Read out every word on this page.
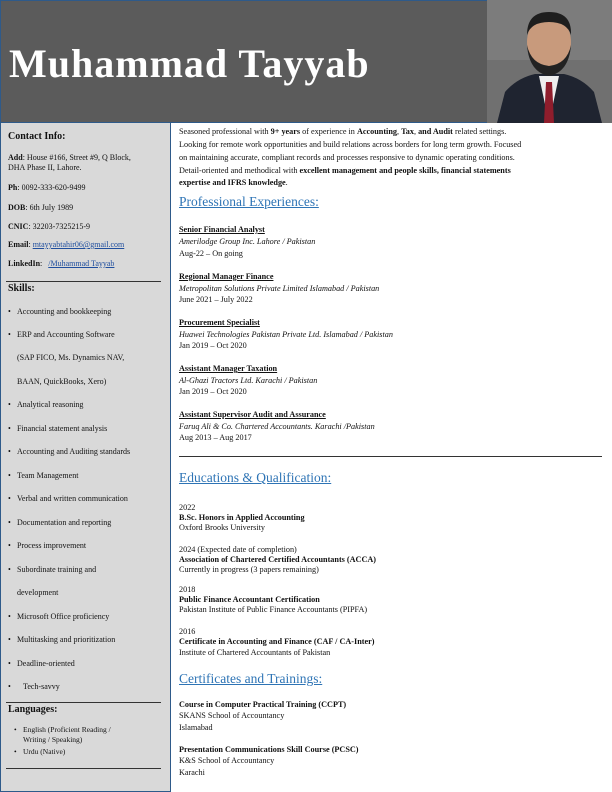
Muhammad Tayyab
Contact Info:
Add: House #166, Street #9, Q Block,
DHA Phase II, Lahore.
Ph: 0092-333-620-9499
DOB: 6th July 1989
CNIC: 32203-7325215-9
Email: mtayyabtahir06@gmail.com
LinkedIn:   /Muhammad Tayyab
Skills:
• Accounting and bookkeeping
• ERP and Accounting Software
(SAP FICO, Ms. Dynamics NAV,
BAAN, QuickBooks, Xero)
• Analytical reasoning
• Financial statement analysis
• Accounting and Auditing standards
• Team Management
• Verbal and written communication
• Documentation and reporting
• Process improvement
• Subordinate training and
development
• Microsoft Office proficiency
• Multitasking and prioritization
• Deadline-oriented
• Tech-savvy
Languages:
• English (Proficient Reading /
Writing / Speaking)
• Urdu (Native)
Seasoned professional with 9+ years of experience in Accounting, Tax, and Audit related settings.
Looking for remote work opportunities and build relations across borders for long term growth. Focused
on maintaining accurate, compliant records and processes responsive to dynamic operating conditions.
Detail-oriented and methodical with excellent management and people skills, financial statements
expertise and IFRS knowledge.
Professional Experiences:
Senior Financial Analyst
Amerilodge Group Inc. Lahore / Pakistan
Aug-22 – On going
Regional Manager Finance
Metropolitan Solutions Private Limited Islamabad / Pakistan
June 2021 – July 2022
Procurement Specialist
Huawei Technologies Pakistan Private Ltd. Islamabad / Pakistan
Jan 2019 – Oct 2020
Assistant Manager Taxation
Al-Ghazi Tractors Ltd. Karachi / Pakistan
Jan 2019 – Oct 2020
Assistant Supervisor Audit and Assurance
Faruq Ali & Co. Chartered Accountants. Karachi /Pakistan
Aug 2013 – Aug 2017
Educations & Qualification:
2022
B.Sc. Honors in Applied Accounting
Oxford Brooks University
2024 (Expected date of completion)
Association of Chartered Certified Accountants (ACCA)
Currently in progress (3 papers remaining)
2018
Public Finance Accountant Certification
Pakistan Institute of Public Finance Accountants (PIPFA)
2016
Certificate in Accounting and Finance (CAF / CA-Inter)
Institute of Chartered Accountants of Pakistan
Certificates and Trainings:
Course in Computer Practical Training (CCPT)
SKANS School of Accountancy
Islamabad
Presentation Communications Skill Course (PCSC)
K&S School of Accountancy
Karachi
